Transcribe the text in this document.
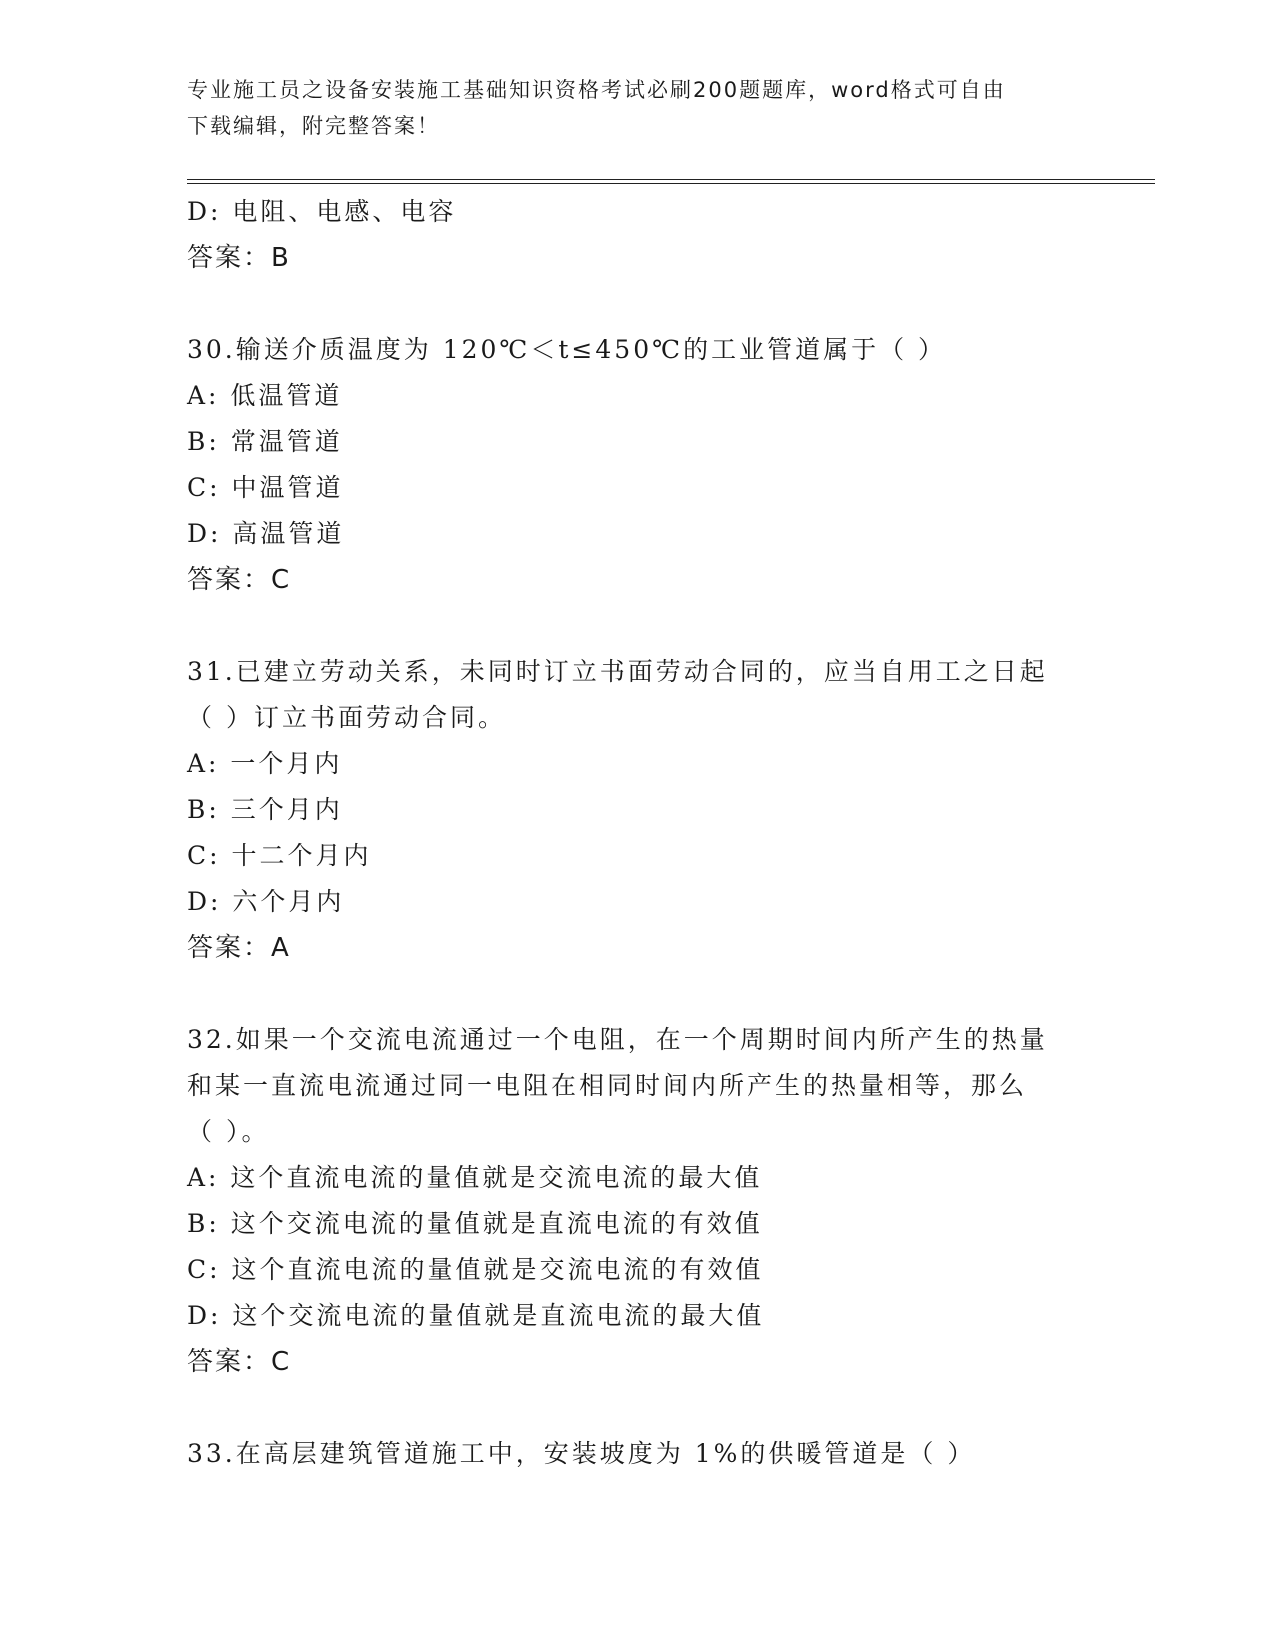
专业施工员之设备安装施工基础知识资格考试必刷200题题库，word格式可自由
下载编辑，附完整答案！
D: 电阻、电感、电容
答案：B
30.输送介质温度为 120℃＜t≤450℃的工业管道属于（ ）
A: 低温管道
B: 常温管道
C: 中温管道
D: 高温管道
答案：C
31.已建立劳动关系，未同时订立书面劳动合同的，应当自用工之日起
（ ）订立书面劳动合同。
A: 一个月内
B: 三个月内
C: 十二个月内
D: 六个月内
答案：A
32.如果一个交流电流通过一个电阻，在一个周期时间内所产生的热量
和某一直流电流通过同一电阻在相同时间内所产生的热量相等，那么
（ ）。
A: 这个直流电流的量值就是交流电流的最大值
B: 这个交流电流的量值就是直流电流的有效值
C: 这个直流电流的量值就是交流电流的有效值
D: 这个交流电流的量值就是直流电流的最大值
答案：C
33.在高层建筑管道施工中，安装坡度为 1%的供暖管道是（ ）
